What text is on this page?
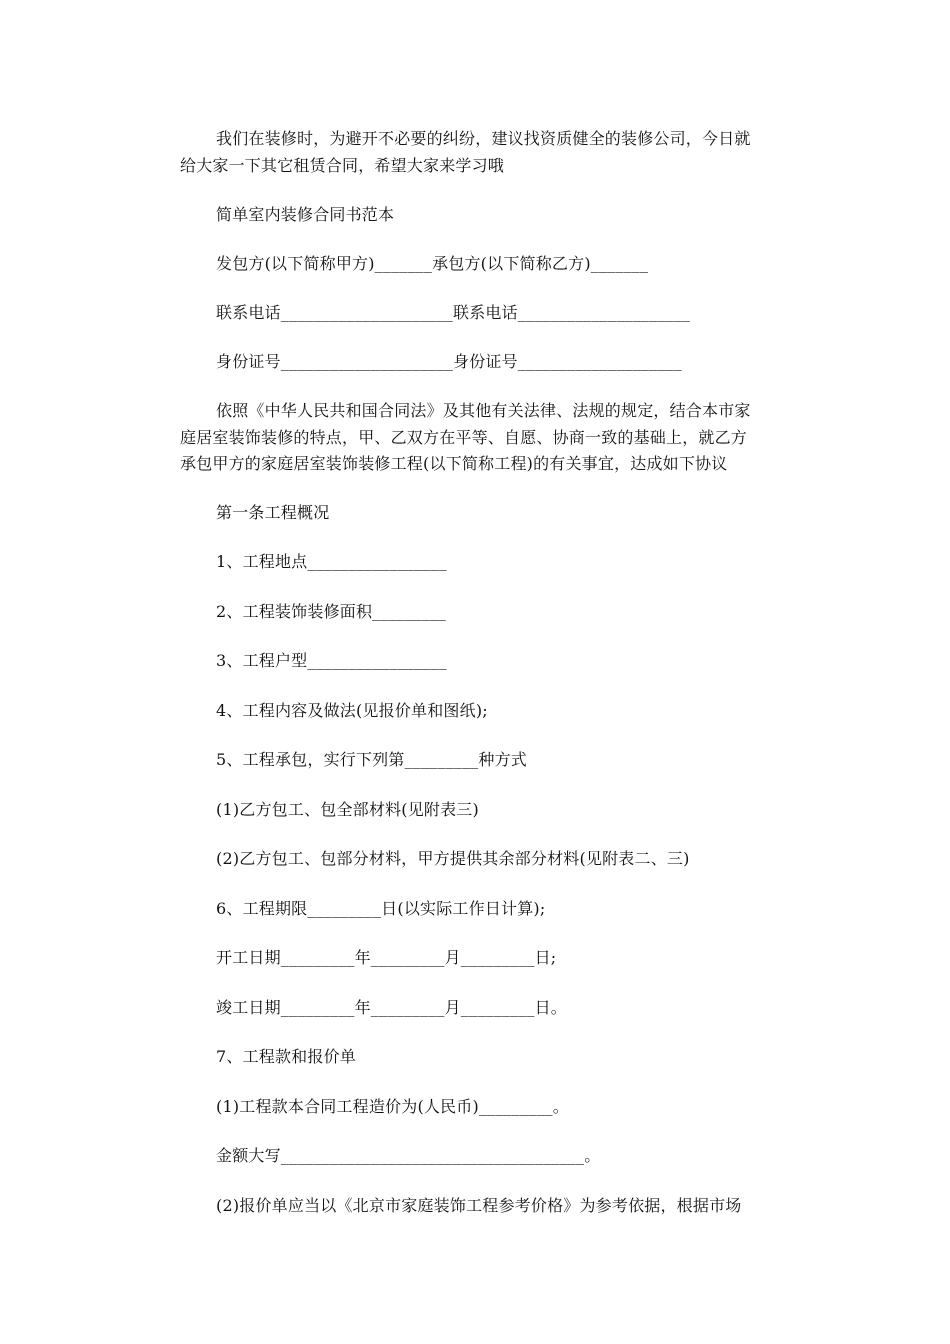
我们在装修时，为避开不必要的纠纷，建议找资质健全的装修公司，今日就
给大家一下其它租赁合同，希望大家来学习哦
简单室内装修合同书范本
发包方(以下简称甲方)_______承包方(以下简称乙方)_______
联系电话_____________________联系电话_____________________
身份证号_____________________身份证号____________________
依照《中华人民共和国合同法》及其他有关法律、法规的规定，结合本市家
庭居室装饰装修的特点，甲、乙双方在平等、自愿、协商一致的基础上，就乙方
承包甲方的家庭居室装饰装修工程(以下简称工程)的有关事宜，达成如下协议
第一条工程概况
1、工程地点_________________
2、工程装饰装修面积_________
3、工程户型_________________
4、工程内容及做法(见报价单和图纸);
5、工程承包，实行下列第_________种方式
(1)乙方包工、包全部材料(见附表三)
(2)乙方包工、包部分材料，甲方提供其余部分材料(见附表二、三)
6、工程期限_________日(以实际工作日计算);
开工日期_________年_________月_________日;
竣工日期_________年_________月_________日。
7、工程款和报价单
(1)工程款本合同工程造价为(人民币)_________。
金额大写_____________________________________。
(2)报价单应当以《北京市家庭装饰工程参考价格》为参考依据，根据市场
